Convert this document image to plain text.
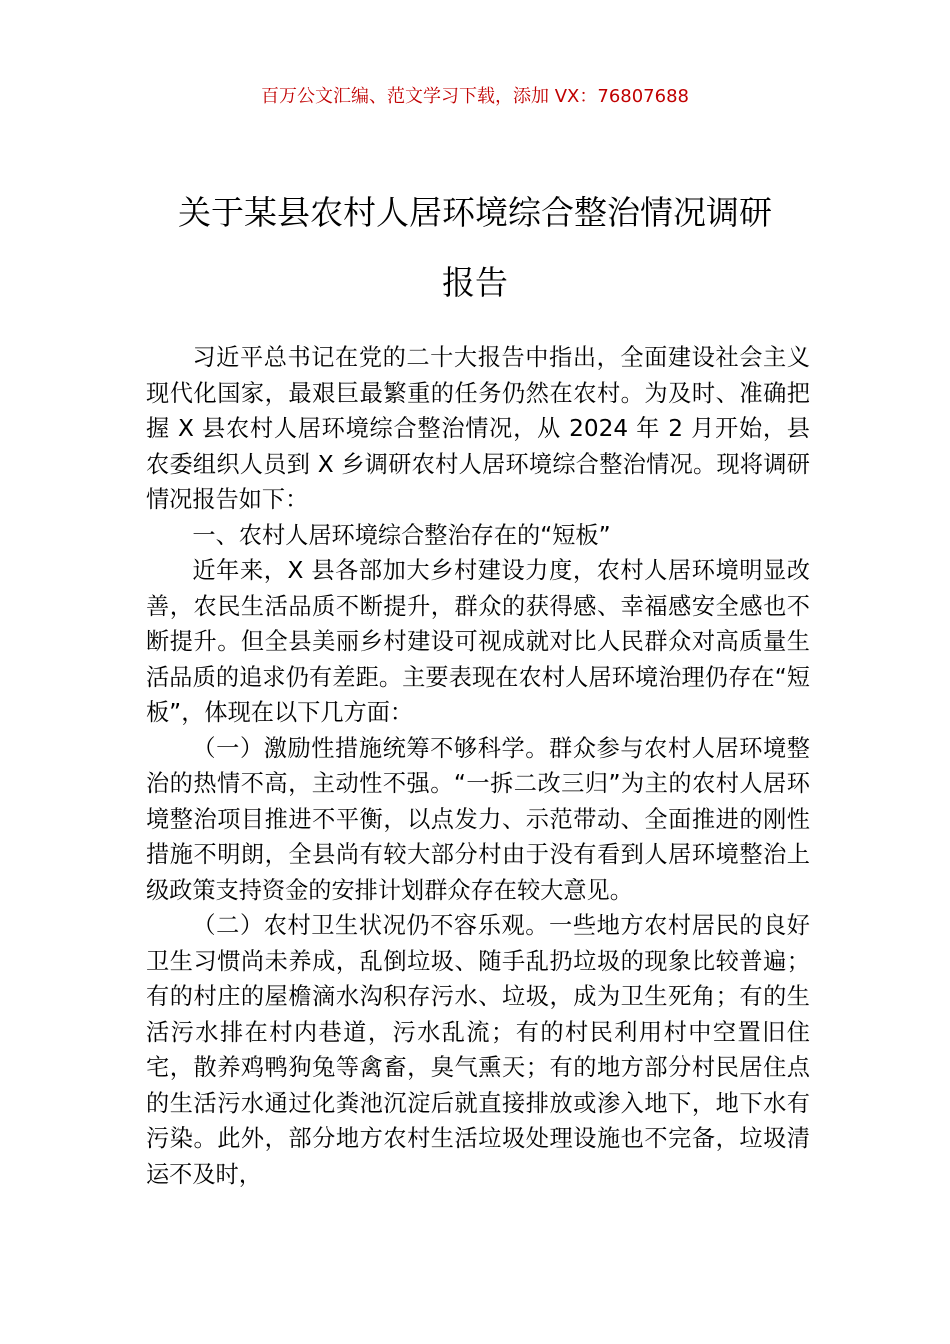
百万公文汇编、范文学习下载，添加 VX：76807688
关于某县农村人居环境综合整治情况调研
报告

习近平总书记在党的二十大报告中指出，全面建设社会主义现代化国家，最艰巨最繁重的任务仍然在农村。为及时、准确把握 X 县农村人居环境综合整治情况，从 2024 年 2 月开始，县农委组织人员到 X 乡调研农村人居环境综合整治情况。现将调研情况报告如下：

一、农村人居环境综合整治存在的“短板”

近年来，X 县各部加大乡村建设力度，农村人居环境明显改善，农民生活品质不断提升，群众的获得感、幸福感安全感也不断提升。但全县美丽乡村建设可视成就对比人民群众对高质量生活品质的追求仍有差距。主要表现在农村人居环境治理仍存在“短板”，体现在以下几方面：

（一）激励性措施统筹不够科学。群众参与农村人居环境整治的热情不高，主动性不强。“一拆二改三归”为主的农村人居环境整治项目推进不平衡，以点发力、示范带动、全面推进的刚性措施不明朗，全县尚有较大部分村由于没有看到人居环境整治上级政策支持资金的安排计划群众存在较大意见。

（二）农村卫生状况仍不容乐观。一些地方农村居民的良好卫生习惯尚未养成，乱倒垃圾、随手乱扔垃圾的现象比较普遍；有的村庄的屋檐滴水沟积存污水、垃圾，成为卫生死角；有的生活污水排在村内巷道，污水乱流；有的村民利用村中空置旧住宅，散养鸡鸭狗兔等禽畜，臭气熏天；有的地方部分村民居住点的生活污水通过化粪池沉淀后就直接排放或渗入地下，地下水有污染。此外，部分地方农村生活垃圾处理设施也不完备，垃圾清运不及时，
